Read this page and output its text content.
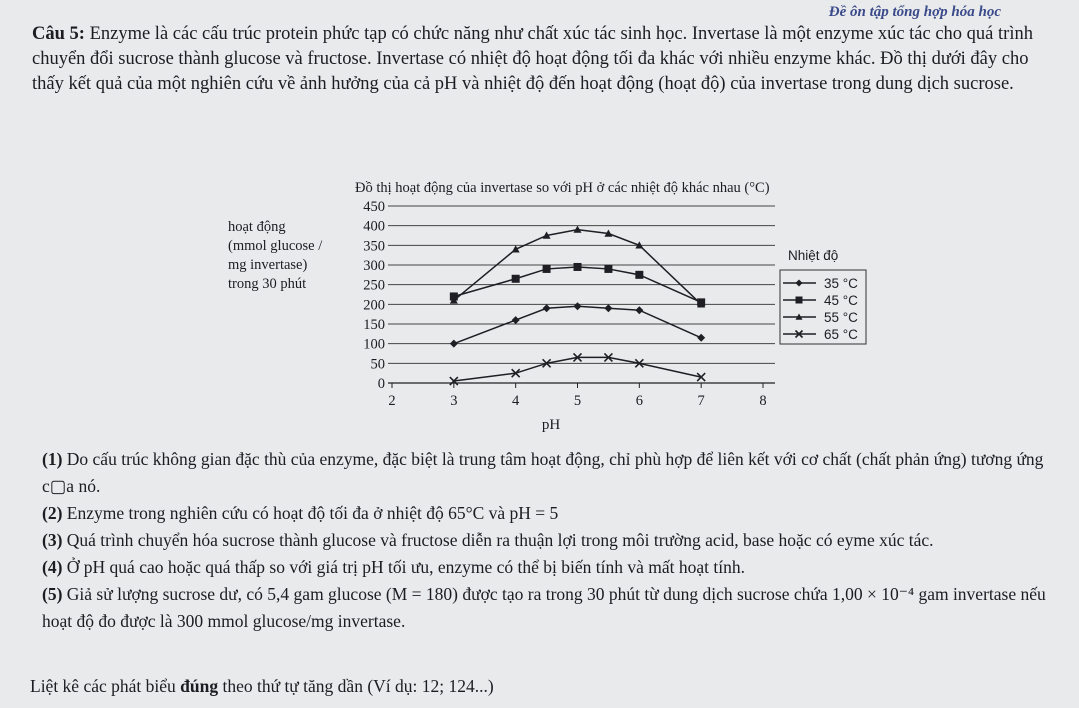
Đề ôn tập tổng hợp hóa học

Câu 5: Enzyme là các cấu trúc protein phức tạp có chức năng như chất xúc tác sinh học. Invertase là một enzyme xúc tác cho quá trình chuyển đổi sucrose thành glucose và fructose. Invertase có nhiệt độ hoạt động tối đa khác với nhiều enzyme khác. Đồ thị dưới đây cho thấy kết quả của một nghiên cứu về ảnh hưởng của cả pH và nhiệt độ đến hoạt động (hoạt độ) của invertase trong dung dịch sucrose.

Đồ thị hoạt động của invertase so với pH ở các nhiệt độ khác nhau (°C)
hoạt động
(mmol glucose /
mg invertase)
trong 30 phút
0
50
100
150
200
250
300
350
400
450
2	3	4	5	6	7	8
pH
Nhiệt độ
35 °C
45 °C
55 °C
65 °C

(1) Do cấu trúc không gian đặc thù của enzyme, đặc biệt là trung tâm hoạt động, chỉ phù hợp để liên kết với cơ chất (chất phản ứng) tương ứng c▢a nó.

(2) Enzyme trong nghiên cứu có hoạt độ tối đa ở nhiệt độ 65°C và pH = 5

(3) Quá trình chuyển hóa sucrose thành glucose và fructose diễn ra thuận lợi trong môi trường acid, base hoặc có eyme xúc tác.

(4) Ở pH quá cao hoặc quá thấp so với giá trị pH tối ưu, enzyme có thể bị biến tính và mất hoạt tính.

(5) Giả sử lượng sucrose dư, có 5,4 gam glucose (M = 180) được tạo ra trong 30 phút từ dung dịch sucrose chứa 1,00 × 10⁻⁴ gam invertase nếu hoạt độ đo được là 300 mmol glucose/mg invertase.

Liệt kê các phát biểu đúng theo thứ tự tăng dần (Ví dụ: 12; 124...)
